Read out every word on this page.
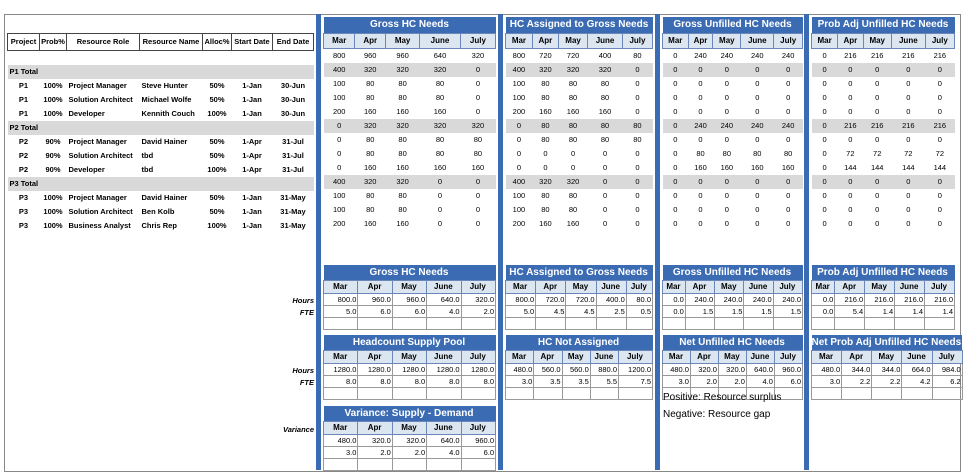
Project	Prob%	Resource Role	Resource Name	Alloc%	Start Date	End Date

P1 Total						
P1	100%	Project Manager	Steve Hunter	50%	1-Jan	30-Jun
P1	100%	Solution Architect	Michael Wolfe	50%	1-Jan	30-Jun
P1	100%	Developer	Kennith Couch	100%	1-Jan	30-Jun
P2 Total						
P2	90%	Project Manager	David Hainer	50%	1-Apr	31-Jul
P2	90%	Solution Architect	tbd	50%	1-Apr	31-Jul
P2	90%	Developer	tbd	100%	1-Apr	31-Jul
P3 Total						
P3	100%	Project Manager	David Hainer	50%	1-Jan	31-May
P3	100%	Solution Architect	Ben Kolb	50%	1-Jan	31-May
P3	100%	Business Analyst	Chris Rep	100%	1-Jan	31-May
Gross HC Needs				
Mar	Apr	May	June	July
800	960	960	640	320
400	320	320	320	0
100	80	80	80	0
100	80	80	80	0
200	160	160	160	0
0	320	320	320	320
0	80	80	80	80
0	80	80	80	80
0	160	160	160	160
400	320	320	0	0
100	80	80	0	0
100	80	80	0	0
200	160	160	0	0
HC Assigned to Gross Needs				
Mar	Apr	May	June	July
800	720	720	400	80
400	320	320	320	0
100	80	80	80	0
100	80	80	80	0
200	160	160	160	0
0	80	80	80	80
0	80	80	80	80
0	0	0	0	0
0	0	0	0	0
400	320	320	0	0
100	80	80	0	0
100	80	80	0	0
200	160	160	0	0
Gross Unfilled HC Needs				
Mar	Apr	May	June	July
0	240	240	240	240
0	0	0	0	0
0	0	0	0	0
0	0	0	0	0
0	0	0	0	0
0	240	240	240	240
0	0	0	0	0
0	80	80	80	80
0	160	160	160	160
0	0	0	0	0
0	0	0	0	0
0	0	0	0	0
0	0	0	0	0
Prob Adj Unfilled HC Needs				
Mar	Apr	May	June	July
0	216	216	216	216
0	0	0	0	0
0	0	0	0	0
0	0	0	0	0
0	0	0	0	0
0	216	216	216	216
0	0	0	0	0
0	72	72	72	72
0	144	144	144	144
0	0	0	0	0
0	0	0	0	0
0	0	0	0	0
0	0	0	0	0
Gross HC Needs				
Mar	Apr	May	June	July
800.0	960.0	960.0	640.0	320.0
5.0	6.0	6.0	4.0	2.0

HC Assigned to Gross Needs				
Mar	Apr	May	June	July
800.0	720.0	720.0	400.0	80.0
5.0	4.5	4.5	2.5	0.5

Gross Unfilled HC Needs				
Mar	Apr	May	June	July
0.0	240.0	240.0	240.0	240.0
0.0	1.5	1.5	1.5	1.5

Prob Adj Unfilled HC Needs				
Mar	Apr	May	June	July
0.0	216.0	216.0	216.0	216.0
0.0	5.4	1.4	1.4	1.4

Headcount Supply Pool				
Mar	Apr	May	June	July
1280.0	1280.0	1280.0	1280.0	1280.0
8.0	8.0	8.0	8.0	8.0

HC Not Assigned				
Mar	Apr	May	June	July
480.0	560.0	560.0	880.0	1200.0
3.0	3.5	3.5	5.5	7.5

Net Unfilled HC Needs				
Mar	Apr	May	June	July
480.0	320.0	320.0	640.0	960.0
3.0	2.0	2.0	4.0	6.0

Net Prob Adj Unfilled HC Needs				
Mar	Apr	May	June	July
480.0	344.0	344.0	664.0	984.0
3.0	2.2	2.2	4.2	6.2

Variance: Supply - Demand				
Mar	Apr	May	June	July
480.0	320.0	320.0	640.0	960.0
3.0	2.0	2.0	4.0	6.0

Hours
FTE
Hours
FTE
Variance
Positive: Resource surplus
Negative: Resource gap
